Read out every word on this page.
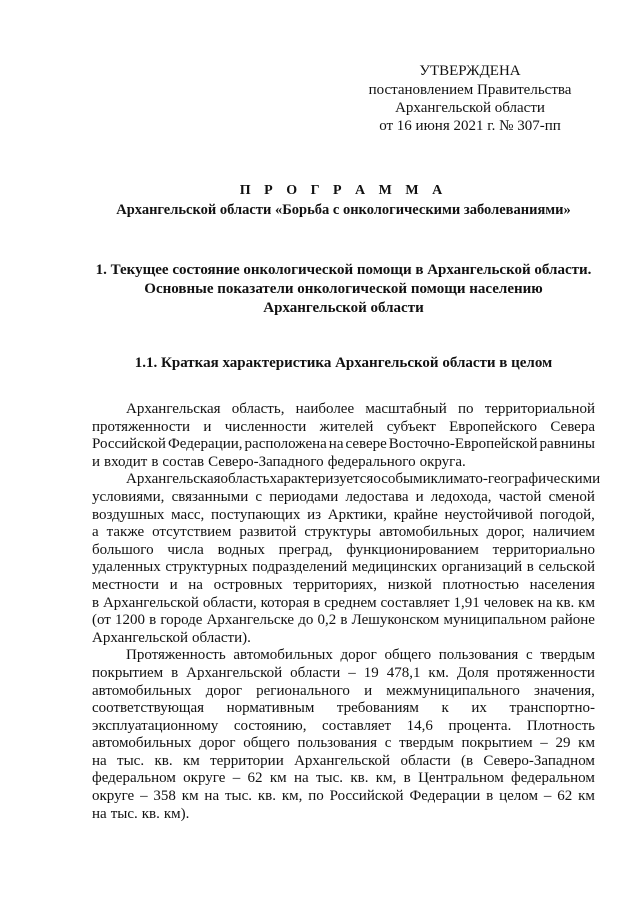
УТВЕРЖДЕНА
постановлением Правительства
Архангельской области
от 16 июня 2021 г. № 307-пп
П Р О Г Р А М М А
Архангельской области «Борьба с онкологическими заболеваниями»
1. Текущее состояние онкологической помощи в Архангельской области.
Основные показатели онкологической помощи населению
Архангельской области
1.1. Краткая характеристика Архангельской области в целом
Архангельская область, наиболее масштабный по территориальной
протяженности и численности жителей субъект Европейского Севера
Российской Федерации, расположена на севере Восточно-Европейской равнины
и входит в состав Северо-Западного федерального округа.
Архангельская область характеризуется особыми климато-географическими
условиями, связанными с периодами ледостава и ледохода, частой сменой
воздушных масс, поступающих из Арктики, крайне неустойчивой погодой,
а также отсутствием развитой структуры автомобильных дорог, наличием
большого числа водных преград, функционированием территориально
удаленных структурных подразделений медицинских организаций в сельской
местности и на островных территориях, низкой плотностью населения
в Архангельской области, которая в среднем составляет 1,91 человек на кв. км
(от 1200 в городе Архангельске до 0,2 в Лешуконском муниципальном районе
Архангельской области).
Протяженность автомобильных дорог общего пользования с твердым
покрытием в Архангельской области – 19 478,1 км. Доля протяженности
автомобильных дорог регионального и межмуниципального значения,
соответствующая нормативным требованиям к их транспортно-
эксплуатационному состоянию, составляет 14,6 процента. Плотность
автомобильных дорог общего пользования с твердым покрытием – 29 км
на тыс. кв. км территории Архангельской области (в Северо-Западном
федеральном округе – 62 км на тыс. кв. км, в Центральном федеральном
округе – 358 км на тыс. кв. км, по Российской Федерации в целом – 62 км
на тыс. кв. км).
